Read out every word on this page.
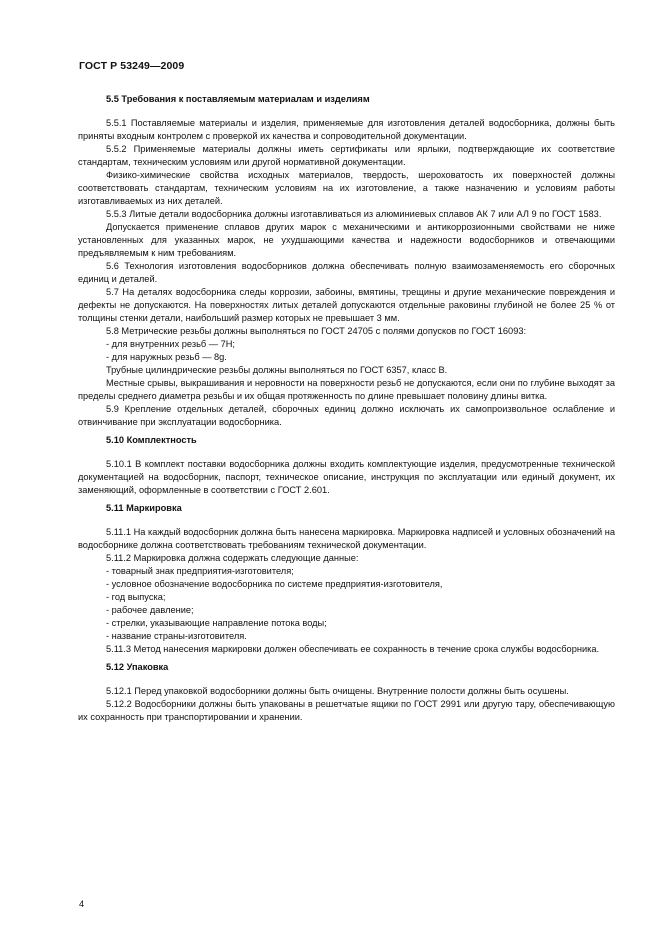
ГОСТ Р 53249—2009
5.5 Требования к поставляемым материалам и изделиям

5.5.1 Поставляемые материалы и изделия, применяемые для изготовления деталей водосборника, должны быть приняты входным контролем с проверкой их качества и сопроводительной документации.

5.5.2 Применяемые материалы должны иметь сертификаты или ярлыки, подтверждающие их соответствие стандартам, техническим условиям или другой нормативной документации.

Физико-химические свойства исходных материалов, твердость, шероховатость их поверхностей должны соответствовать стандартам, техническим условиям на их изготовление, а также назначению и условиям работы изготавливаемых из них деталей.

5.5.3 Литые детали водосборника должны изготавливаться из алюминиевых сплавов АК 7 или АЛ 9 по ГОСТ 1583.

Допускается применение сплавов других марок с механическими и антикоррозионными свойствами не ниже установленных для указанных марок, не ухудшающими качества и надежности водосборников и отвечающими предъявляемым к ним требованиям.

5.6 Технология изготовления водосборников должна обеспечивать полную взаимозаменяемость его сборочных единиц и деталей.

5.7 На деталях водосборника следы коррозии, забоины, вмятины, трещины и другие механические повреждения и дефекты не допускаются. На поверхностях литых деталей допускаются отдельные раковины глубиной не более 25 % от толщины стенки детали, наибольший размер которых не превышает 3 мм.

5.8 Метрические резьбы должны выполняться по ГОСТ 24705 с полями допусков по ГОСТ 16093:

- для внутренних резьб — 7Н;

- для наружных резьб — 8g.

Трубные цилиндрические резьбы должны выполняться по ГОСТ 6357, класс В.

Местные срывы, выкрашивания и неровности на поверхности резьб не допускаются, если они по глубине выходят за пределы среднего диаметра резьбы и их общая протяженность по длине превышает половину длины витка.

5.9 Крепление отдельных деталей, сборочных единиц должно исключать их самопроизвольное ослабление и отвинчивание при эксплуатации водосборника.

5.10 Комплектность

5.10.1 В комплект поставки водосборника должны входить комплектующие изделия, предусмотренные технической документацией на водосборник, паспорт, техническое описание, инструкция по эксплуатации или единый документ, их заменяющий, оформленные в соответствии с ГОСТ 2.601.

5.11 Маркировка

5.11.1 На каждый водосборник должна быть нанесена маркировка. Маркировка надписей и условных обозначений на водосборнике должна соответствовать требованиям технической документации.

5.11.2 Маркировка должна содержать следующие данные:

- товарный знак предприятия-изготовителя;

- условное обозначение водосборника по системе предприятия-изготовителя,

- год выпуска;

- рабочее давление;

- стрелки, указывающие направление потока воды;

- название страны-изготовителя.

5.11.3 Метод нанесения маркировки должен обеспечивать ее сохранность в течение срока службы водосборника.

5.12 Упаковка

5.12.1 Перед упаковкой водосборники должны быть очищены. Внутренние полости должны быть осушены.

5.12.2 Водосборники должны быть упакованы в решетчатые ящики по ГОСТ 2991 или другую тару, обеспечивающую их сохранность при транспортировании и хранении.

4
